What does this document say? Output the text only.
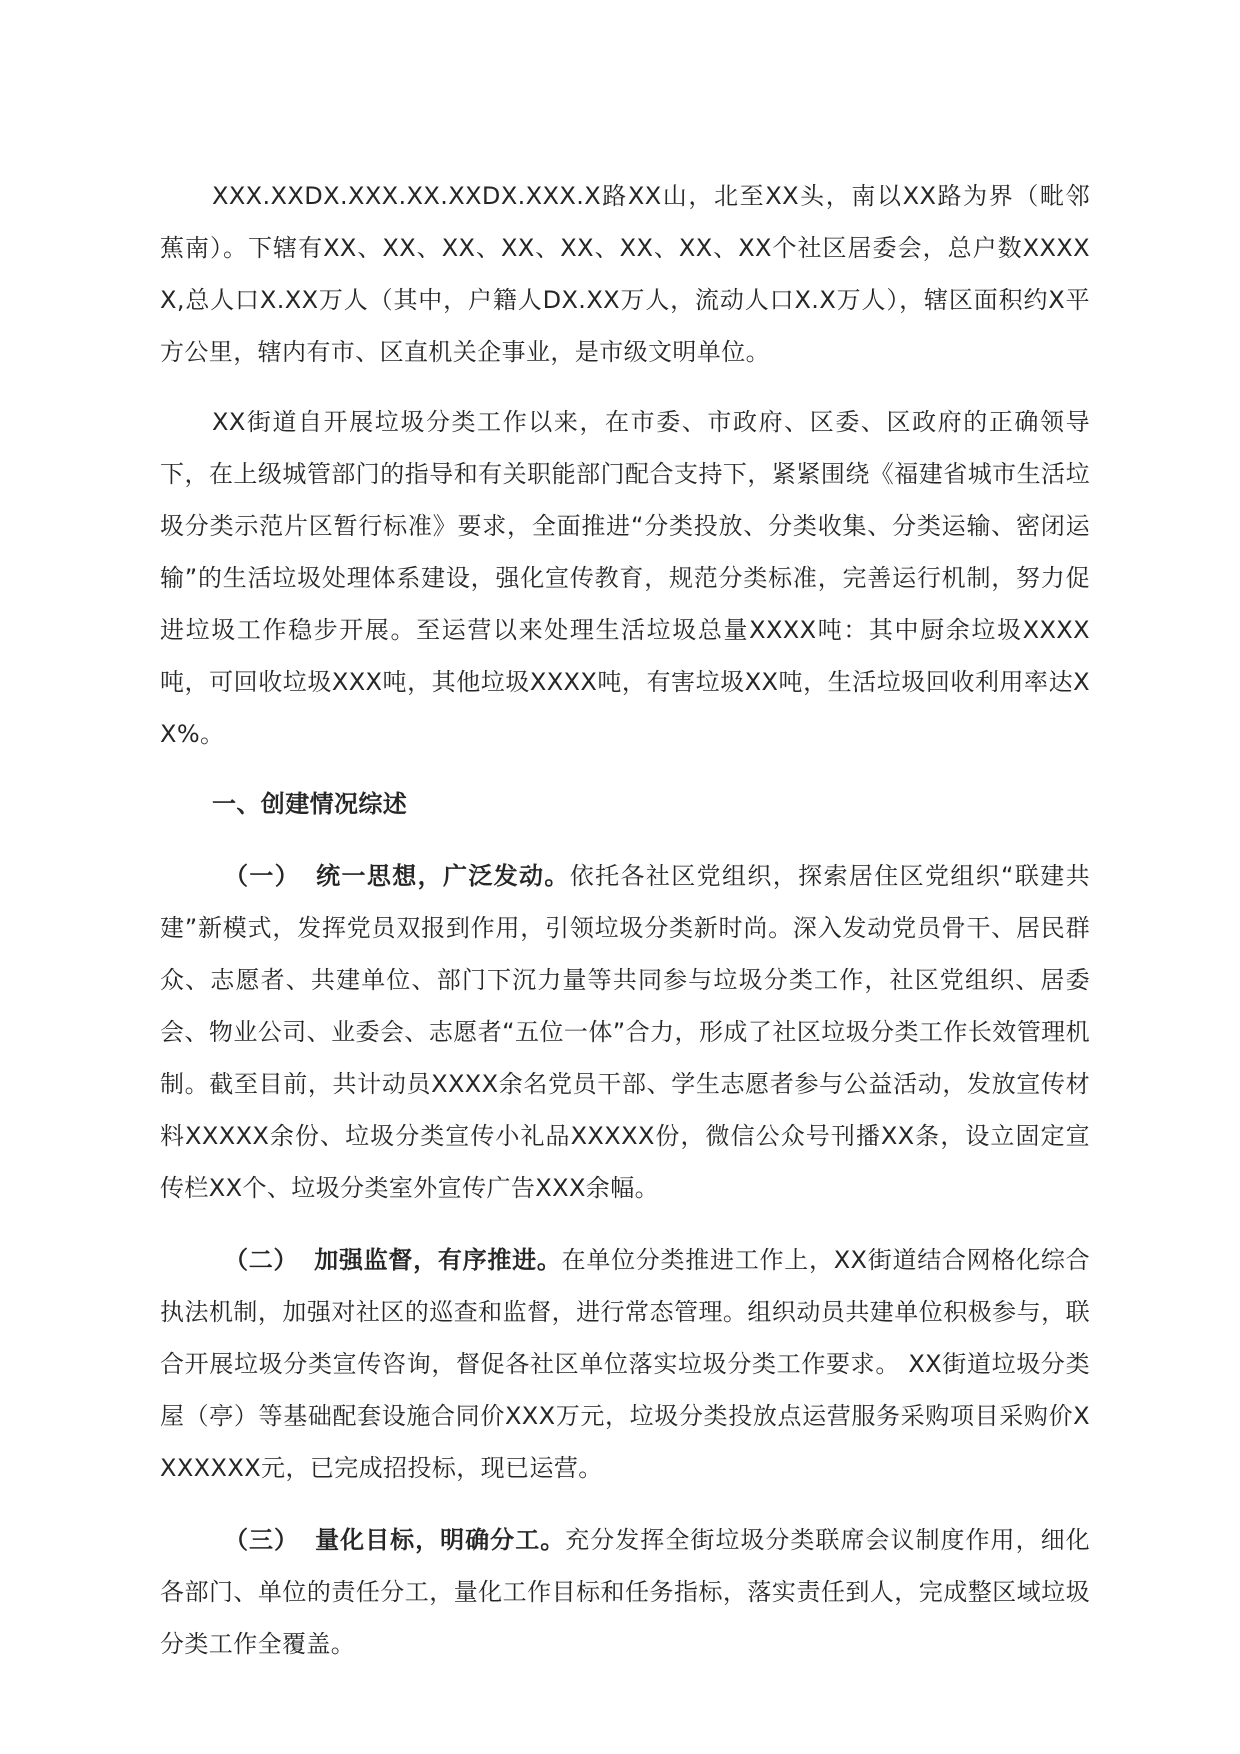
XXX.XXDX.XXX.XX.XXDX.XXX.X路XX山，北至XX头，南以XX路为界（毗邻蕉南）。下辖有XX、XX、XX、XX、XX、XX、XX、XX个社区居委会，总户数XXXXX,总人口X.XX万人（其中，户籍人DX.XX万人，流动人口X.X万人），辖区面积约X平方公里，辖内有市、区直机关企事业，是市级文明单位。

XX街道自开展垃圾分类工作以来，在市委、市政府、区委、区政府的正确领导下，在上级城管部门的指导和有关职能部门配合支持下，紧紧围绕《福建省城市生活垃圾分类示范片区暂行标准》要求，全面推进“分类投放、分类收集、分类运输、密闭运输”的生活垃圾处理体系建设，强化宣传教育，规范分类标准，完善运行机制，努力促进垃圾工作稳步开展。至运营以来处理生活垃圾总量XXXX吨：其中厨余垃圾XXXX吨，可回收垃圾XXX吨，其他垃圾XXXX吨，有害垃圾XX吨，生活垃圾回收利用率达XX%。

一、创建情况综述

（一） 统一思想，广泛发动。依托各社区党组织，探索居住区党组织“联建共建”新模式，发挥党员双报到作用，引领垃圾分类新时尚。深入发动党员骨干、居民群众、志愿者、共建单位、部门下沉力量等共同参与垃圾分类工作，社区党组织、居委会、物业公司、业委会、志愿者“五位一体”合力，形成了社区垃圾分类工作长效管理机制。截至目前，共计动员XXXX余名党员干部、学生志愿者参与公益活动，发放宣传材料XXXXX余份、垃圾分类宣传小礼品XXXXX份，微信公众号刊播XX条，设立固定宣传栏XX个、垃圾分类室外宣传广告XXX余幅。

（二） 加强监督，有序推进。在单位分类推进工作上，XX街道结合网格化综合执法机制，加强对社区的巡查和监督，进行常态管理。组织动员共建单位积极参与，联合开展垃圾分类宣传咨询，督促各社区单位落实垃圾分类工作要求。 XX街道垃圾分类屋（亭）等基础配套设施合同价XXX万元，垃圾分类投放点运营服务采购项目采购价XXXXXXX元，已完成招投标，现已运营。

（三） 量化目标，明确分工。充分发挥全街垃圾分类联席会议制度作用，细化各部门、单位的责任分工，量化工作目标和任务指标，落实责任到人，完成整区域垃圾分类工作全覆盖。
